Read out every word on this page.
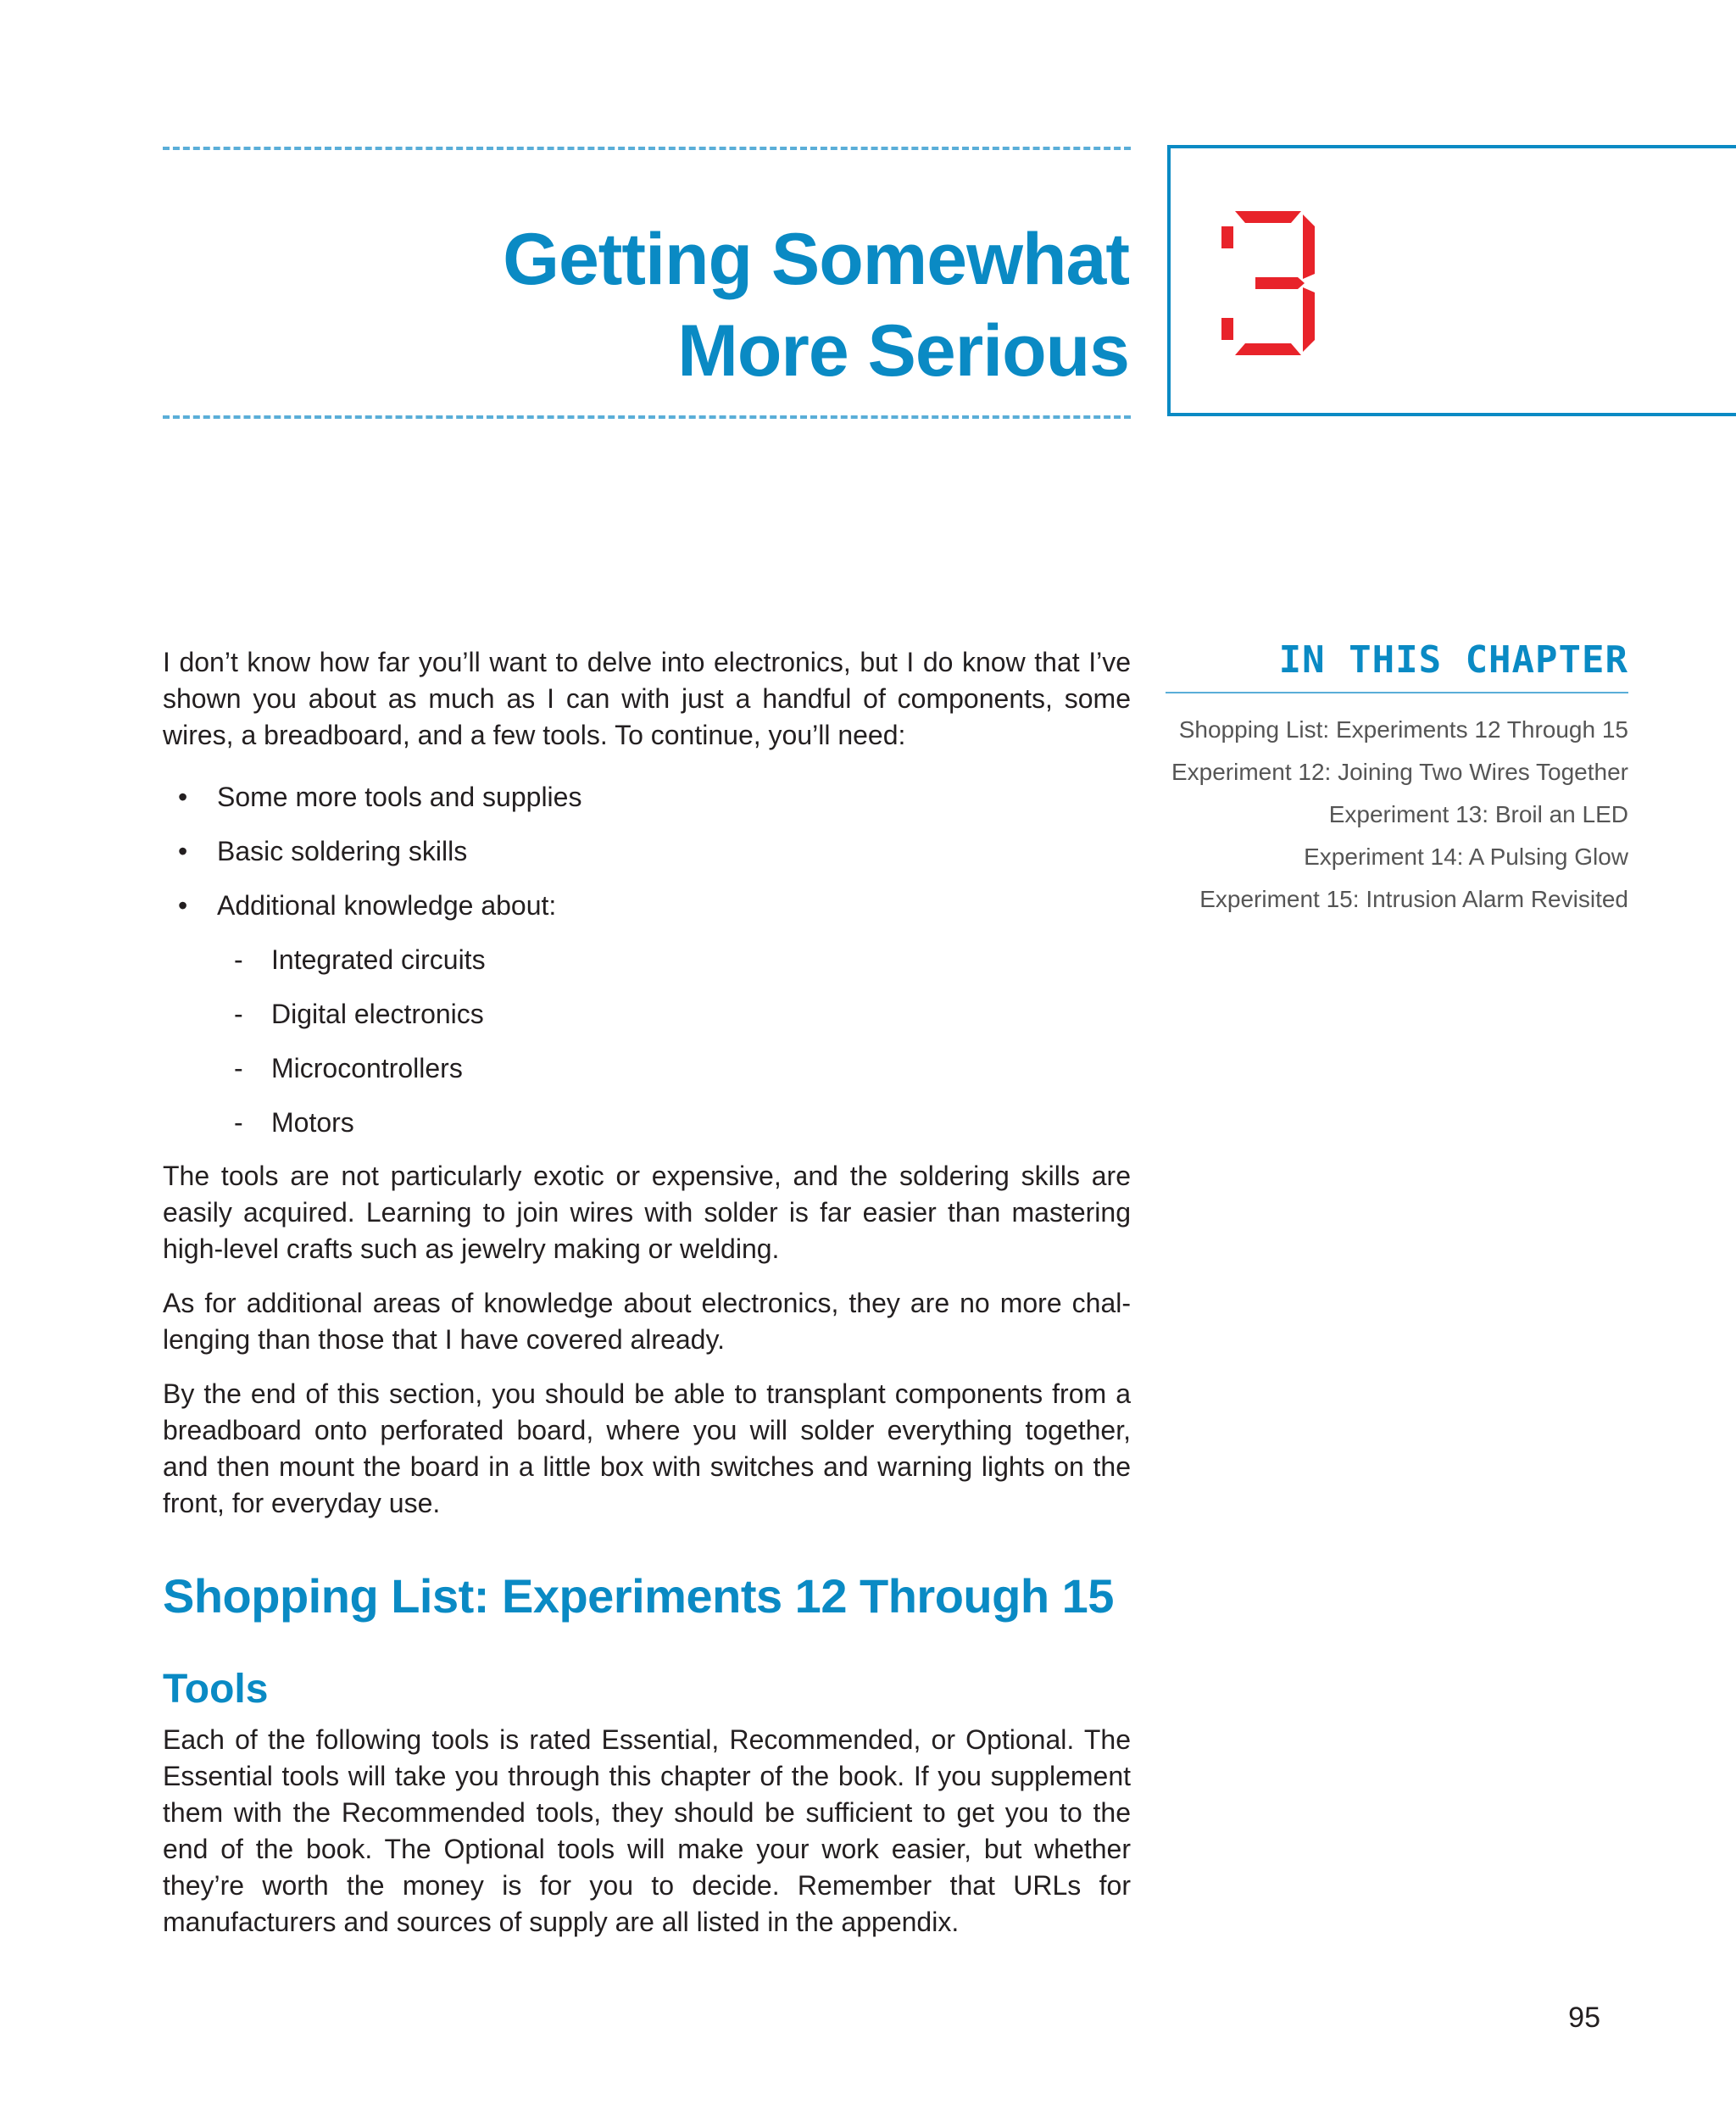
Getting Somewhat
More Serious
IN THIS CHAPTER
Shopping List: Experiments 12 Through 15
Experiment 12: Joining Two Wires Together
Experiment 13: Broil an LED
Experiment 14: A Pulsing Glow
Experiment 15: Intrusion Alarm Revisited

I don’t know how far you’ll want to delve into electronics, but I do know that I’ve shown you about as much as I can with just a handful of components, some wires, a breadboard, and a few tools. To continue, you’ll need:

• Some more tools and supplies
• Basic soldering skills
• Additional knowledge about:
- Integrated circuits
- Digital electronics
- Microcontrollers
- Motors

The tools are not particularly exotic or expensive, and the soldering skills are easily acquired. Learning to join wires with solder is far easier than mastering high-level crafts such as jewelry making or welding.

As for additional areas of knowledge about electronics, they are no more challenging than those that I have covered already.

By the end of this section, you should be able to transplant components from a breadboard onto perforated board, where you will solder everything together, and then mount the board in a little box with switches and warning lights on the front, for everyday use.

Shopping List: Experiments 12 Through 15
Tools

Each of the following tools is rated Essential, Recommended, or Optional. The Essential tools will take you through this chapter of the book. If you supplement them with the Recommended tools, they should be sufficient to get you to the end of the book. The Optional tools will make your work easier, but whether they’re worth the money is for you to decide. Remember that URLs for manufacturers and sources of supply are all listed in the appendix.

95
